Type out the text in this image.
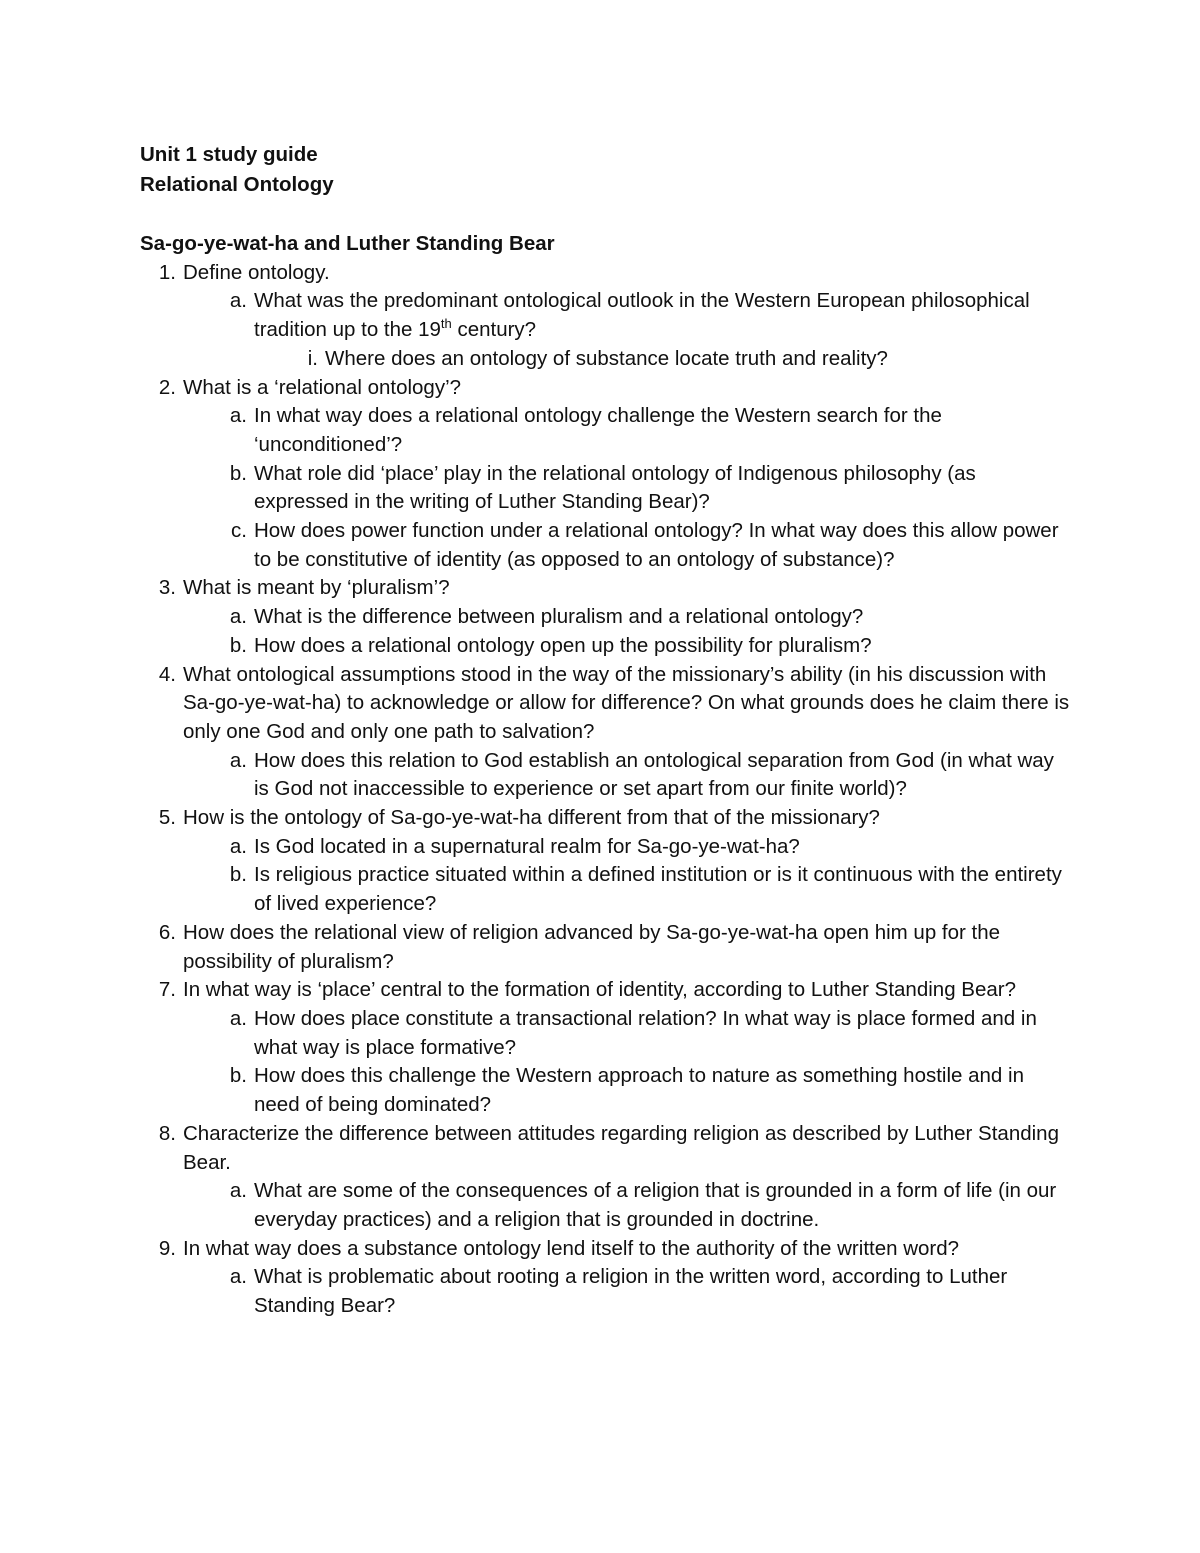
Unit 1 study guide

Relational Ontology

Sa-go-ye-wat-ha and Luther Standing Bear

1. Define ontology.
a. What was the predominant ontological outlook in the Western European philosophical tradition up to the 19th century?
i. Where does an ontology of substance locate truth and reality?
2. What is a ‘relational ontology’?
a. In what way does a relational ontology challenge the Western search for the ‘unconditioned’?
b. What role did ‘place’ play in the relational ontology of Indigenous philosophy (as expressed in the writing of Luther Standing Bear)?
c. How does power function under a relational ontology? In what way does this allow power to be constitutive of identity (as opposed to an ontology of substance)?
3. What is meant by ‘pluralism’?
a. What is the difference between pluralism and a relational ontology?
b. How does a relational ontology open up the possibility for pluralism?
4. What ontological assumptions stood in the way of the missionary’s ability (in his discussion with Sa-go-ye-wat-ha) to acknowledge or allow for difference? On what grounds does he claim there is only one God and only one path to salvation?
a. How does this relation to God establish an ontological separation from God (in what way is God not inaccessible to experience or set apart from our finite world)?
5. How is the ontology of Sa-go-ye-wat-ha different from that of the missionary?
a. Is God located in a supernatural realm for Sa-go-ye-wat-ha?
b. Is religious practice situated within a defined institution or is it continuous with the entirety of lived experience?
6. How does the relational view of religion advanced by Sa-go-ye-wat-ha open him up for the possibility of pluralism?
7. In what way is ‘place’ central to the formation of identity, according to Luther Standing Bear?
a. How does place constitute a transactional relation? In what way is place formed and in what way is place formative?
b. How does this challenge the Western approach to nature as something hostile and in need of being dominated?
8. Characterize the difference between attitudes regarding religion as described by Luther Standing Bear.
a. What are some of the consequences of a religion that is grounded in a form of life (in our everyday practices) and a religion that is grounded in doctrine.
9. In what way does a substance ontology lend itself to the authority of the written word?
a. What is problematic about rooting a religion in the written word, according to Luther Standing Bear?
